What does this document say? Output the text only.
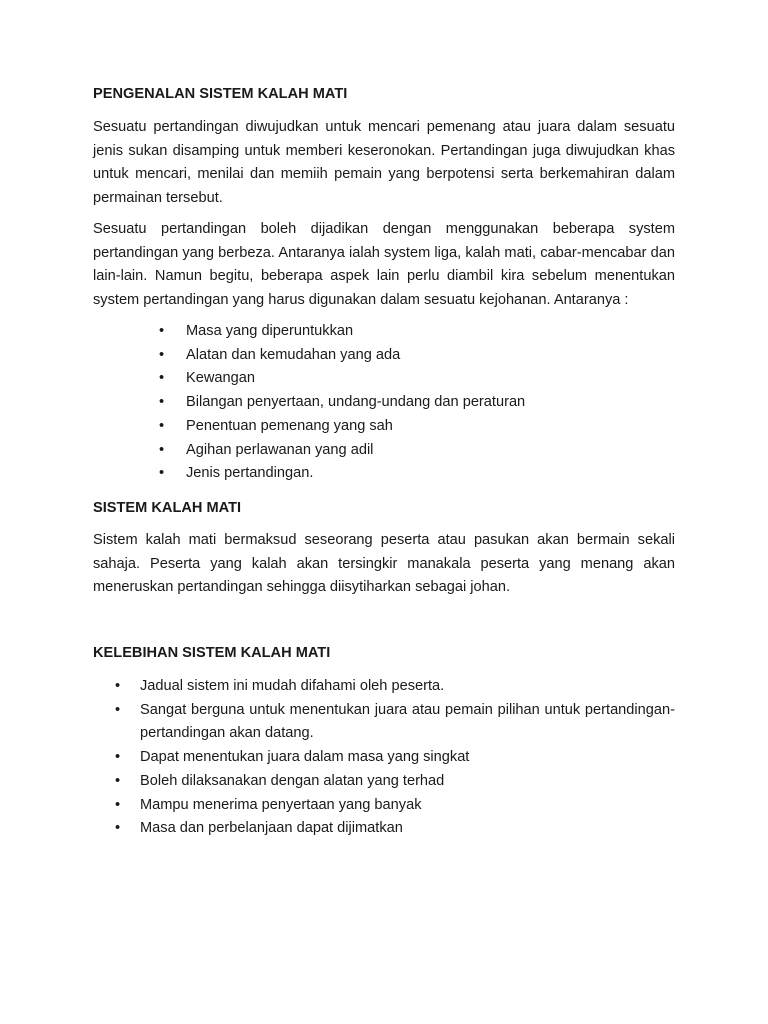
PENGENALAN SISTEM KALAH MATI

Sesuatu pertandingan diwujudkan untuk mencari pemenang atau juara dalam sesuatu jenis sukan disamping untuk memberi keseronokan. Pertandingan juga diwujudkan khas untuk mencari, menilai dan memiih pemain yang berpotensi serta berkemahiran dalam permainan tersebut.

Sesuatu pertandingan boleh dijadikan dengan menggunakan beberapa system pertandingan yang berbeza. Antaranya ialah system liga, kalah mati, cabar-mencabar dan lain-lain. Namun begitu, beberapa aspek lain perlu diambil kira sebelum menentukan system pertandingan yang harus digunakan dalam sesuatu kejohanan. Antaranya :

• Masa yang diperuntukkan
• Alatan dan kemudahan yang ada
• Kewangan
• Bilangan penyertaan, undang-undang dan peraturan
• Penentuan pemenang yang sah
• Agihan perlawanan yang adil
• Jenis pertandingan.
SISTEM KALAH MATI

Sistem kalah mati bermaksud seseorang peserta atau pasukan akan bermain sekali sahaja. Peserta yang kalah akan tersingkir manakala peserta yang menang akan meneruskan pertandingan sehingga diisytiharkan sebagai johan.

KELEBIHAN SISTEM KALAH MATI
• Jadual sistem ini mudah difahami oleh peserta.
• Sangat berguna untuk menentukan juara atau pemain pilihan untuk pertandingan-pertandingan akan datang.
• Dapat menentukan juara dalam masa yang singkat
• Boleh dilaksanakan dengan alatan yang terhad
• Mampu menerima penyertaan yang banyak
• Masa dan perbelanjaan dapat dijimatkan
